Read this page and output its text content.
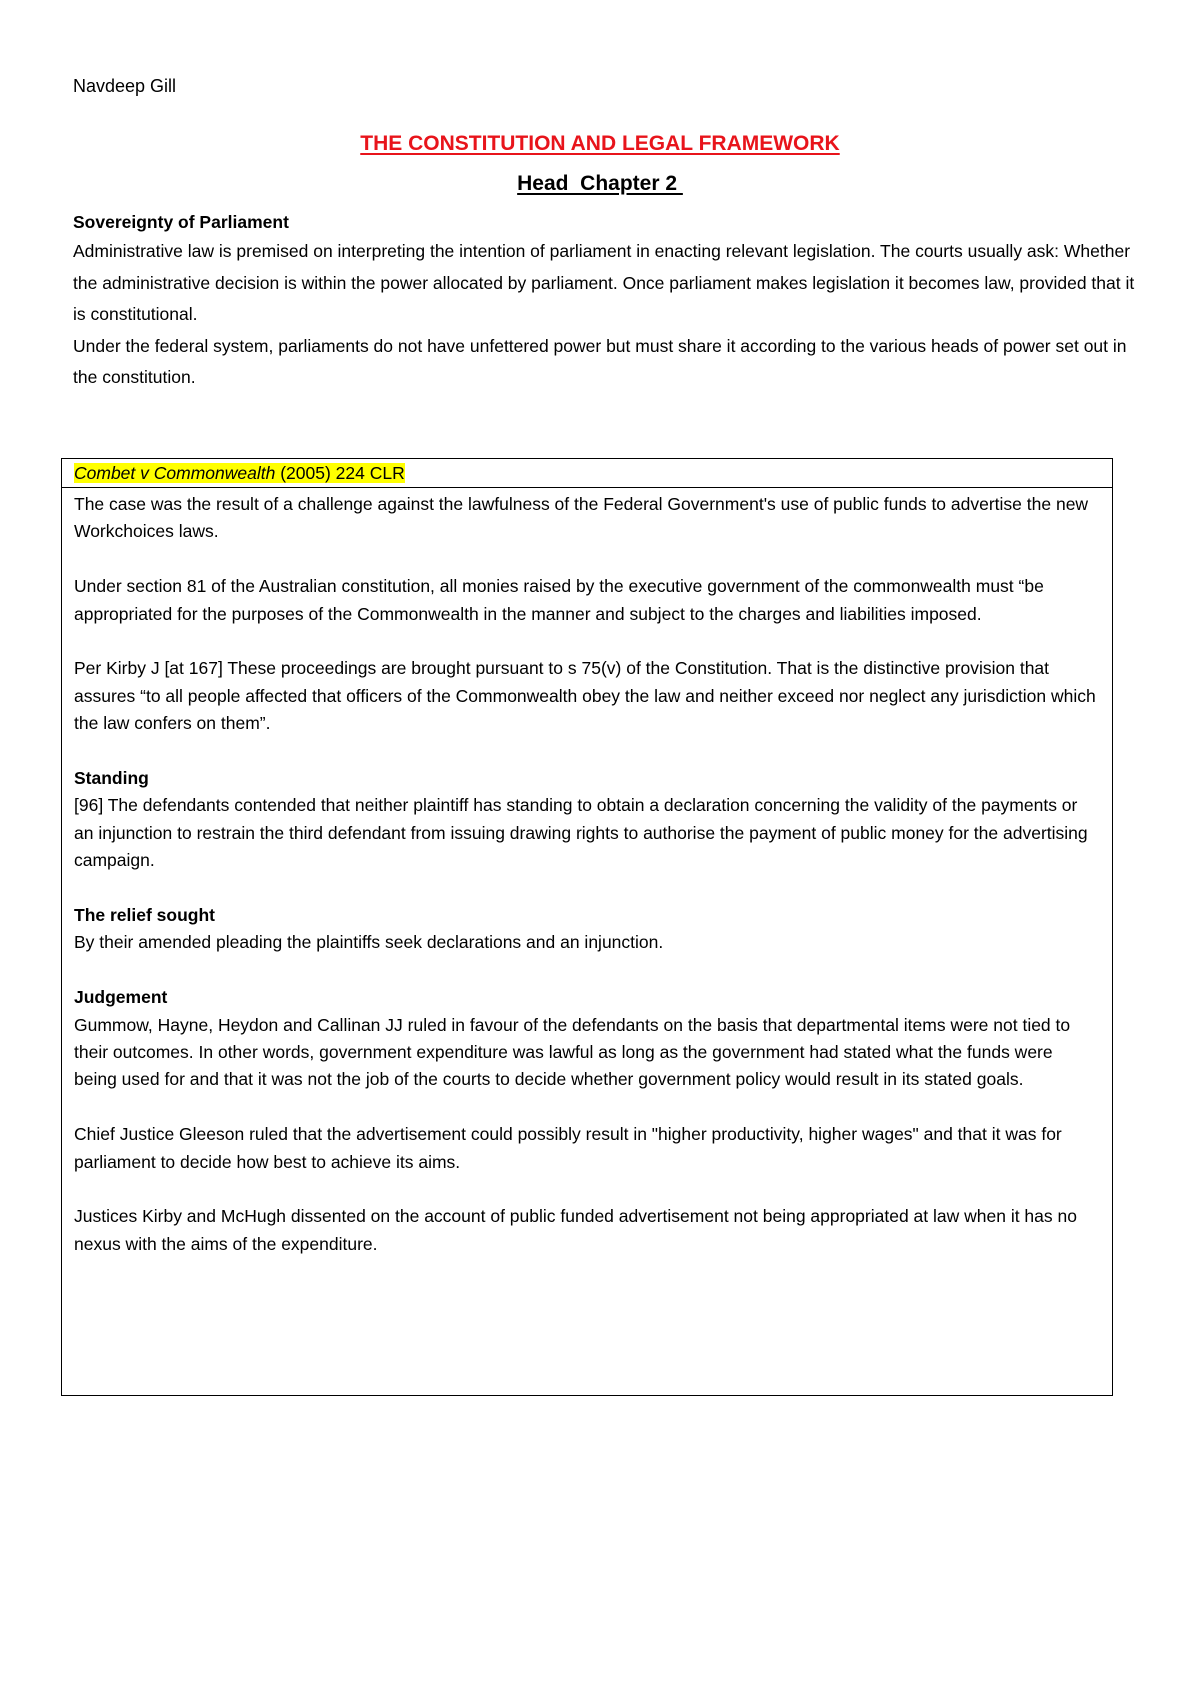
Navdeep Gill
THE CONSTITUTION AND LEGAL FRAMEWORK
Head  Chapter 2
Sovereignty of Parliament

Administrative law is premised on interpreting the intention of parliament in enacting relevant legislation. The courts usually ask: Whether the administrative decision is within the power allocated by parliament. Once parliament makes legislation it becomes law, provided that it is constitutional.

Under the federal system, parliaments do not have unfettered power but must share it according to the various heads of power set out in the constitution.

Combet v Commonwealth (2005) 224 CLR

The case was the result of a challenge against the lawfulness of the Federal Government's use of public funds to advertise the new Workchoices laws.

Under section 81 of the Australian constitution, all monies raised by the executive government of the commonwealth must “be appropriated for the purposes of the Commonwealth in the manner and subject to the charges and liabilities imposed.

Per Kirby J [at 167] These proceedings are brought pursuant to s 75(v) of the Constitution. That is the distinctive provision that assures “to all people affected that officers of the Commonwealth obey the law and neither exceed nor neglect any jurisdiction which the law confers on them”.

Standing
[96] The defendants contended that neither plaintiff has standing to obtain a declaration concerning the validity of the payments or an injunction to restrain the third defendant from issuing drawing rights to authorise the payment of public money for the advertising campaign.

The relief sought
By their amended pleading the plaintiffs seek declarations and an injunction.

Judgement
Gummow, Hayne, Heydon and Callinan JJ ruled in favour of the defendants on the basis that departmental items were not tied to their outcomes. In other words, government expenditure was lawful as long as the government had stated what the funds were being used for and that it was not the job of the courts to decide whether government policy would result in its stated goals.

Chief Justice Gleeson ruled that the advertisement could possibly result in "higher productivity, higher wages" and that it was for parliament to decide how best to achieve its aims.

Justices Kirby and McHugh dissented on the account of public funded advertisement not being appropriated at law when it has no nexus with the aims of the expenditure.
